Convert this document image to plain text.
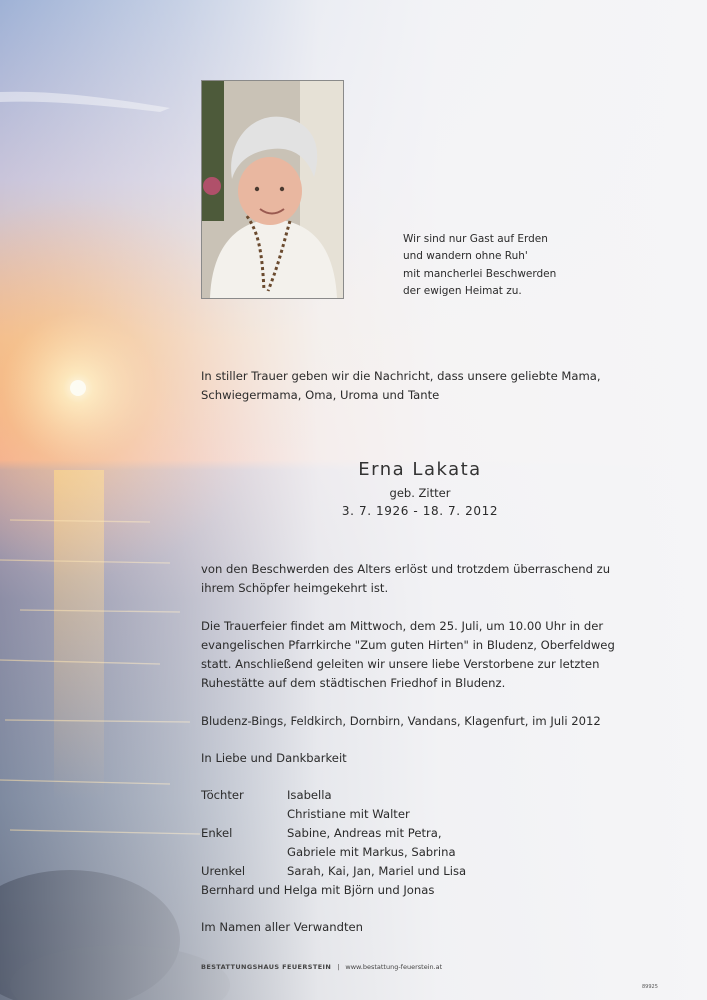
Wir sind nur Gast auf Erden
und wandern ohne Ruh'
mit mancherlei Beschwerden
der ewigen Heimat zu.
In stiller Trauer geben wir die Nachricht, dass unsere geliebte Mama, Schwiegermama, Oma, Uroma und Tante
Erna Lakata
geb. Zitter
3. 7. 1926 - 18. 7. 2012
von den Beschwerden des Alters erlöst und trotzdem überraschend zu ihrem Schöpfer heimgekehrt ist.
Die Trauerfeier findet am Mittwoch, dem 25. Juli, um 10.00 Uhr in der evangelischen Pfarrkirche "Zum guten Hirten" in Bludenz, Oberfeldweg statt. Anschließend geleiten wir unsere liebe Verstorbene zur letzten Ruhestätte auf dem städtischen Friedhof in Bludenz.
Bludenz-Bings, Feldkirch, Dornbirn, Vandans, Klagenfurt, im Juli 2012
In Liebe und Dankbarkeit
Töchter	Isabella
Christiane mit Walter
Enkel	Sabine, Andreas mit Petra,
Gabriele mit Markus, Sabrina
Urenkel	Sarah, Kai, Jan, Mariel und Lisa
Bernhard und Helga mit Björn und Jonas
Im Namen aller Verwandten
BESTATTUNGSHAUS FEUERSTEIN | www.bestattung-feuerstein.at
89925
